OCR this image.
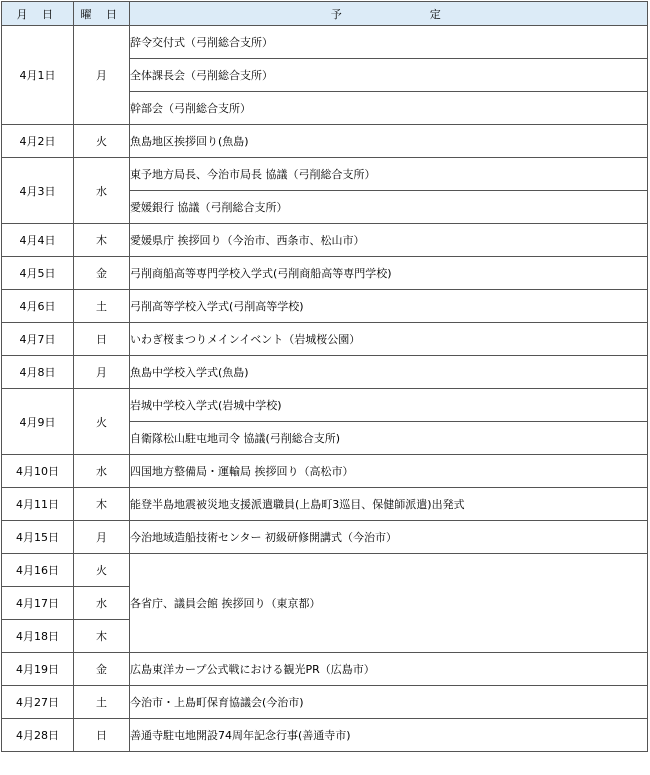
月 日	曜 日	予　　　　　定
4月1日	月	辞令交付式（弓削総合支所）
		全体課長会（弓削総合支所）
		幹部会（弓削総合支所）
4月2日	火	魚島地区挨拶回り(魚島)
4月3日	水	東予地方局長、今治市局長 協議（弓削総合支所）
		愛媛銀行 協議（弓削総合支所）
4月4日	木	愛媛県庁 挨拶回り（今治市、西条市、松山市）
4月5日	金	弓削商船高等専門学校入学式(弓削商船高等専門学校)
4月6日	土	弓削高等学校入学式(弓削高等学校)
4月7日	日	いわぎ桜まつりメインイベント（岩城桜公園）
4月8日	月	魚島中学校入学式(魚島)
4月9日	火	岩城中学校入学式(岩城中学校)
		自衛隊松山駐屯地司令 協議(弓削総合支所)
4月10日	水	四国地方整備局・運輸局 挨拶回り（高松市）
4月11日	木	能登半島地震被災地支援派遣職員(上島町3巡目、保健師派遣)出発式
4月15日	月	今治地域造船技術センター 初級研修開講式（今治市）
4月16日	火	各省庁、議員会館 挨拶回り（東京都）
4月17日	水	
4月18日	木	
4月19日	金	広島東洋カープ公式戦における観光PR（広島市）
4月27日	土	今治市・上島町保育協議会(今治市)
4月28日	日	善通寺駐屯地開設74周年記念行事(善通寺市)
